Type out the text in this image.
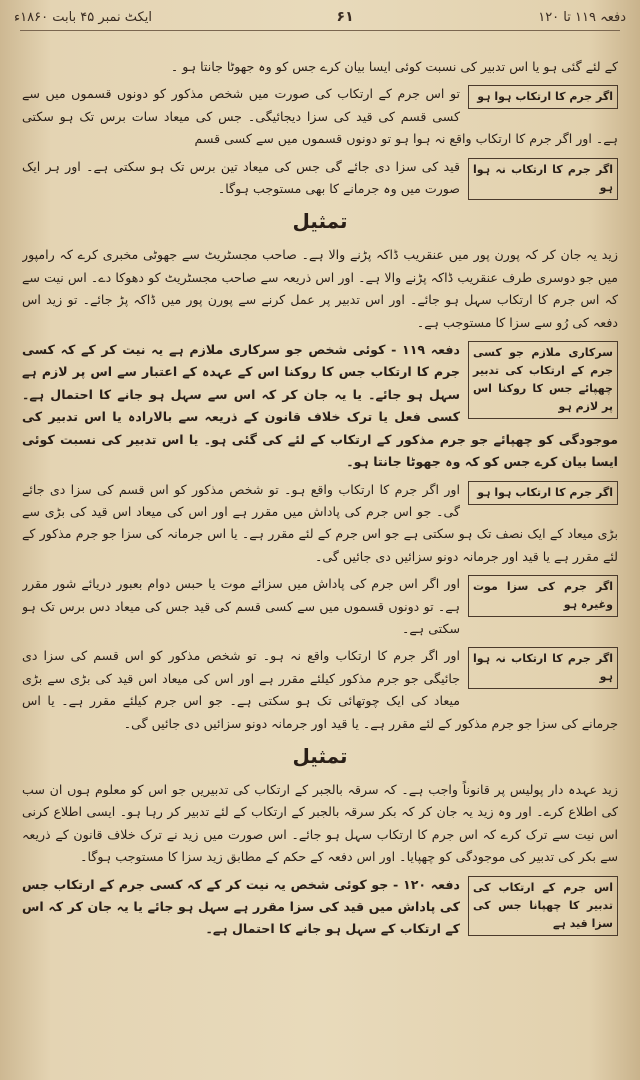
دفعہ ۱۱۹ تا ۱۲۰
۶۱
ایکٹ نمبر ۴۵ بابت ۱۸۶۰ء

کے لئے گئی ہو یا اس تدبیر کی نسبت کوئی ایسا بیان کرے جس کو وہ جھوٹا جانتا ہو ۔

اگر جرم کا ارتکاب ہوا ہو
تو اس جرم کے ارتکاب کی صورت میں شخص مذکور کو دونوں قسموں میں سے کسی قسم کی قید کی سزا دیجائیگی۔ جس کی میعاد سات برس تک ہو سکتی ہے۔ اور اگر جرم کا ارتکاب واقع نہ ہوا ہو تو دونوں قسموں میں سے کسی قسم

اگر جرم کا ارتکاب نہ ہوا ہو
قید کی سزا دی جائے گی جس کی میعاد تین برس تک ہو سکتی ہے۔ اور ہر ایک صورت میں وہ جرمانے کا بھی مستوجب ہوگا۔

تمثیل

زید یہ جان کر کہ پورن پور میں عنقریب ڈاکہ پڑنے والا ہے۔ صاحب مجسٹریٹ سے جھوٹی مخبری کرے کہ رامپور میں جو دوسری طرف عنقریب ڈاکہ پڑنے والا ہے۔ اور اس ذریعہ سے صاحب مجسٹریٹ کو دھوکا دے۔ اس نیت سے کہ اس جرم کا ارتکاب سہل ہو جائے۔ اور اس تدبیر پر عمل کرنے سے پورن پور میں ڈاکہ پڑ جائے۔ تو زید اس دفعہ کی رُو سے سزا کا مستوجب ہے۔

سرکاری ملازم جو کسی جرم کے ارتکاب کی تدبیر چھپائے جس کا روکنا اس پر لازم ہو
دفعہ ۱۱۹ - کوئی شخص جو سرکاری ملازم ہے یہ نیت کر کے کہ کسی جرم کا ارتکاب جس کا روکنا اس کے عہدہ کے اعتبار سے اس پر لازم ہے سہل ہو جائے۔ یا یہ جان کر کہ اس سے سہل ہو جانے کا احتمال ہے۔ کسی فعل یا ترک خلاف قانون کے ذریعہ سے بالارادہ یا اس تدبیر کی موجودگی کو چھپائے جو جرم مذکور کے ارتکاب کے لئے کی گئی ہو۔ یا اس تدبیر کی نسبت کوئی ایسا بیان کرے جس کو کہ وہ جھوٹا جانتا ہو۔

اگر جرم کا ارتکاب ہوا ہو
اور اگر جرم کا ارتکاب واقع ہو۔ تو شخص مذکور کو اس قسم کی سزا دی جائے گی۔ جو اس جرم کی پاداش میں مقرر ہے اور اس کی میعاد اس قید کی بڑی سے بڑی میعاد کے ایک نصف تک ہو سکتی ہے جو اس جرم کے لئے مقرر ہے۔ یا اس جرمانہ کی سزا جو جرم مذکور کے لئے مقرر ہے یا قید اور جرمانہ دونو سزائیں دی جائیں گی۔

اگر جرم کی سزا موت وغیرہ ہو
اور اگر اس جرم کی پاداش میں سزائے موت یا حبس دوام بعبور دریائے شور مقرر ہے۔ تو دونوں قسموں میں سے کسی قسم کی قید جس کی میعاد دس برس تک ہو سکتی ہے۔

اگر جرم کا ارتکاب نہ ہوا ہو
اور اگر جرم کا ارتکاب واقع نہ ہو۔ تو شخص مذکور کو اس قسم کی سزا دی جائیگی جو جرم مذکور کیلئے مقرر ہے اور اس کی میعاد اس قید کی بڑی سے بڑی میعاد کی ایک چوتھائی تک ہو سکتی ہے۔ جو اس جرم کیلئے مقرر ہے۔ یا اس جرمانے کی سزا جو جرم مذکور کے لئے مقرر ہے۔ یا قید اور جرمانہ دونو سزائیں دی جائیں گی۔

تمثیل

زید عہدہ دار پولیس پر قانوناً واجب ہے۔ کہ سرقہ بالجبر کے ارتکاب کی تدبیریں جو اس کو معلوم ہوں ان سب کی اطلاع کرے۔ اور وہ زید یہ جان کر کہ بکر سرقہ بالجبر کے ارتکاب کے لئے تدبیر کر رہا ہو۔ ایسی اطلاع کرنی اس نیت سے ترک کرے کہ اس جرم کا ارتکاب سہل ہو جائے۔ اس صورت میں زید نے ترک خلاف قانون کے ذریعہ سے بکر کی تدبیر کی موجودگی کو چھپایا۔ اور اس دفعہ کے حکم کے مطابق زید سزا کا مستوجب ہوگا۔

اس جرم کے ارتکاب کی تدبیر کا چھپانا جس کی سزا قید ہے
دفعہ ۱۲۰ - جو کوئی شخص یہ نیت کر کے کہ کسی جرم کے ارتکاب جس کی پاداش میں قید کی سزا مقرر ہے سہل ہو جائے یا یہ جان کر کہ اس کے ارتکاب کے سہل ہو جانے کا احتمال ہے۔
